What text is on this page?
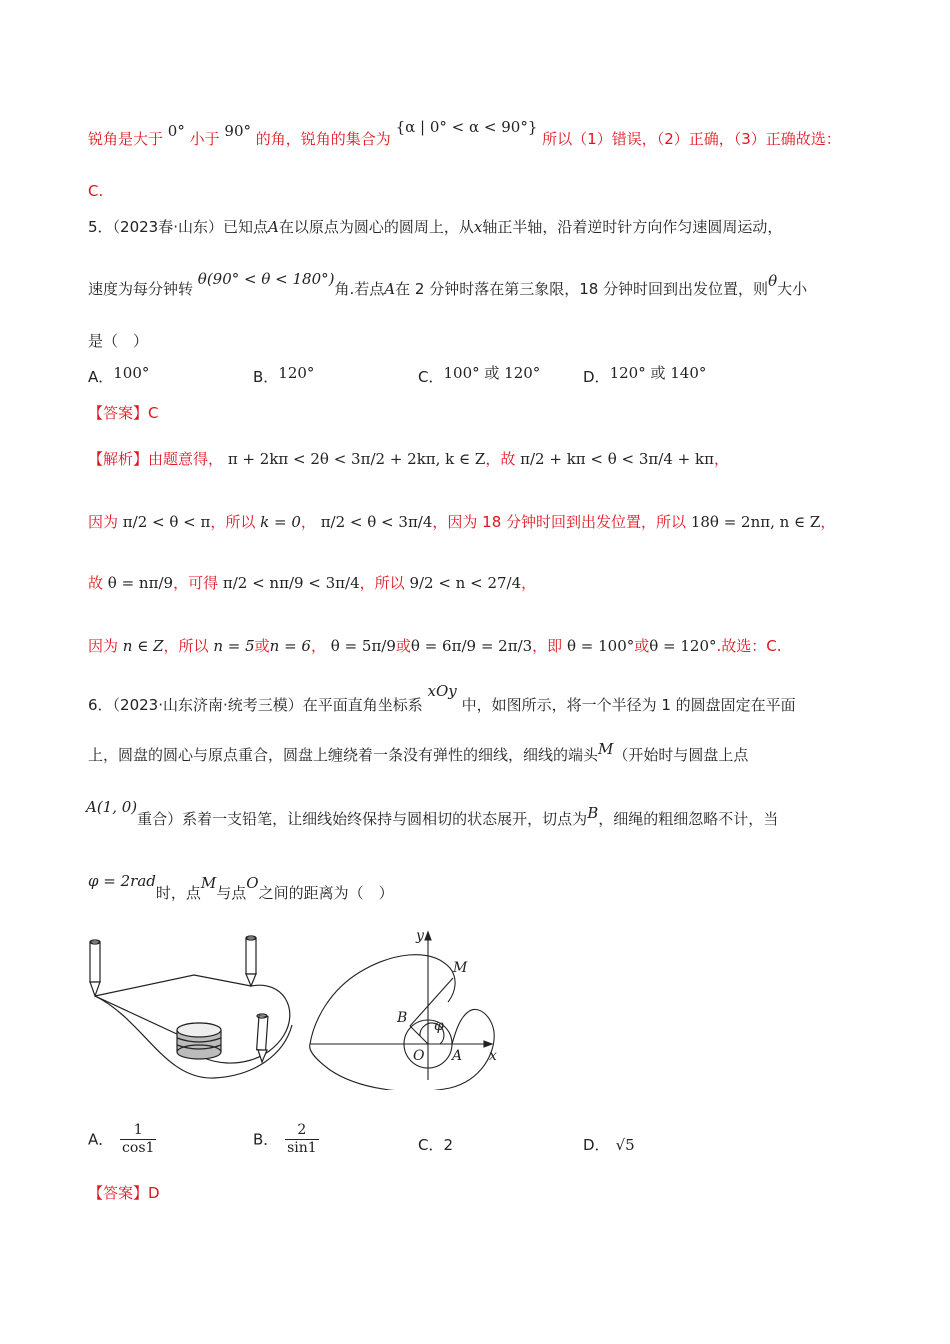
锐角是大于 0° 小于 90° 的角，锐角的集合为 {α | 0° < α < 90°} 所以（1）错误，（2）正确，（3）正确故选：
C.
5．（2023春·山东）已知点A在以原点为圆心的圆周上，从x轴正半轴，沿着逆时针方向作匀速圆周运动，
速度为每分钟转 θ(90° < θ < 180°)角.若点A在 2 分钟时落在第三象限，18 分钟时回到出发位置，则θ大小
是（　）
A．100°	B．120°	C．100° 或 120°	D．120° 或 140°
【答案】C
【解析】由题意得， π + 2kπ < 2θ < 3π/2 + 2kπ, k ∈ Z，故 π/2 + kπ < θ < 3π/4 + kπ，
因为 π/2 < θ < π，所以 k = 0， π/2 < θ < 3π/4，因为 18 分钟时回到出发位置，所以 18θ = 2nπ, n ∈ Z，
故 θ = nπ/9，可得 π/2 < nπ/9 < 3π/4，所以 9/2 < n < 27/4，
因为 n ∈ Z，所以 n = 5或n = 6， θ = 5π/9或θ = 6π/9 = 2π/3，即 θ = 100°或θ = 120°.故选：C.
6．（2023·山东济南·统考三模）在平面直角坐标系 xOy 中，如图所示，将一个半径为 1 的圆盘固定在平面
上，圆盘的圆心与原点重合，圆盘上缠绕着一条没有弹性的细线，细线的端头M（开始时与圆盘上点
A(1, 0)重合）系着一支铅笔，让细线始终保持与圆相切的状态展开，切点为B，细绳的粗细忽略不计，当
φ = 2rad时，点M与点O之间的距离为（　）
y
M
B φ
O A x
A． $\frac{1}{\cos 1}$	B． $\frac{2}{\sin 1}$	C．2	D． √5
【答案】D
